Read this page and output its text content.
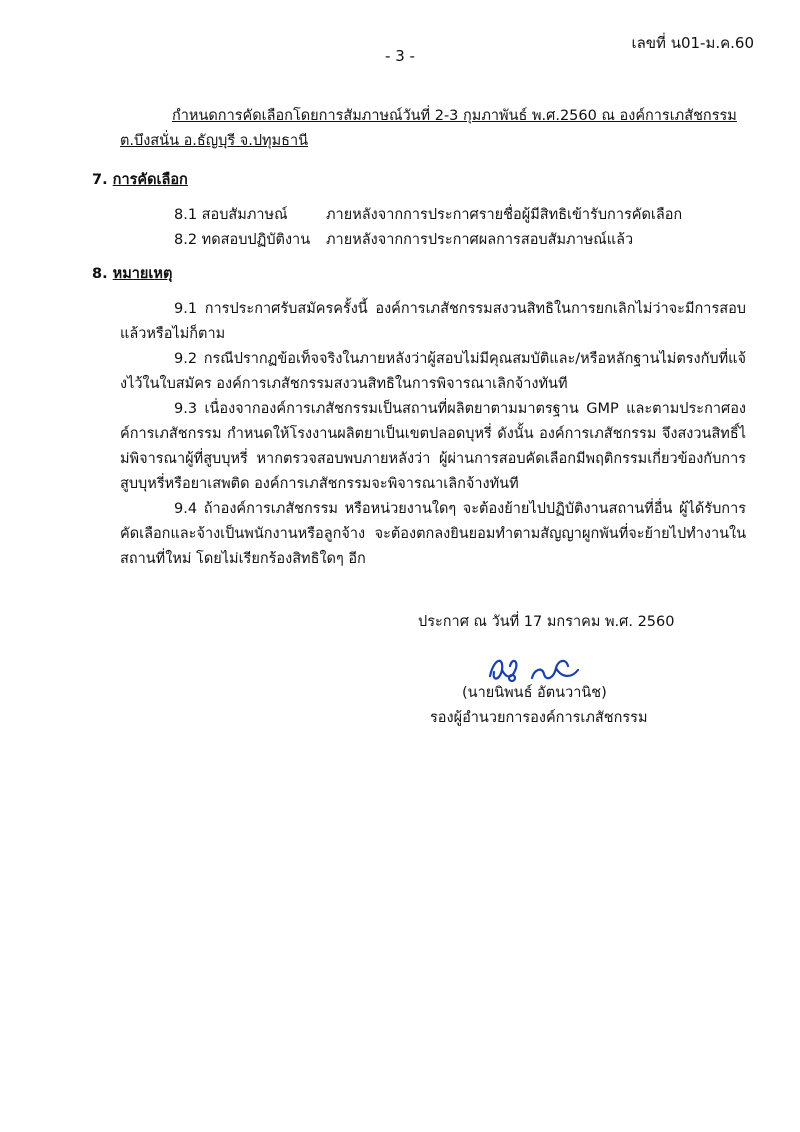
เลขที่ น01-ม.ค.60
- 3 -
กำหนดการคัดเลือกโดยการสัมภาษณ์วันที่ 2-3 กุมภาพันธ์ พ.ศ.2560 ณ องค์การเภสัชกรรม
ต.บึงสนั่น อ.ธัญบุรี จ.ปทุมธานี
7. การคัดเลือก
8.1 สอบสัมภาษณ์	ภายหลังจากการประกาศรายชื่อผู้มีสิทธิเข้ารับการคัดเลือก
8.2 ทดสอบปฏิบัติงาน ภายหลังจากการประกาศผลการสอบสัมภาษณ์แล้ว
8. หมายเหตุ
9.1 การประกาศรับสมัครครั้งนี้ องค์การเภสัชกรรมสงวนสิทธิในการยกเลิกไม่ว่าจะมีการสอบแล้วหรือไม่ก็ตาม
9.2 กรณีปรากฏข้อเท็จจริงในภายหลังว่าผู้สอบไม่มีคุณสมบัติและ/หรือหลักฐานไม่ตรงกับที่แจ้งไว้ในใบสมัคร องค์การเภสัชกรรมสงวนสิทธิในการพิจารณาเลิกจ้างทันที
9.3 เนื่องจากองค์การเภสัชกรรมเป็นสถานที่ผลิตยาตามมาตรฐาน GMP และตามประกาศองค์การเภสัชกรรม กำหนดให้โรงงานผลิตยาเป็นเขตปลอดบุหรี่ ดังนั้น องค์การเภสัชกรรม จึงสงวนสิทธิ์ไม่พิจารณาผู้ที่สูบบุหรี่ หากตรวจสอบพบภายหลังว่า ผู้ผ่านการสอบคัดเลือกมีพฤติกรรมเกี่ยวข้องกับการสูบบุหรี่หรือยาเสพติด องค์การเภสัชกรรมจะพิจารณาเลิกจ้างทันที
9.4 ถ้าองค์การเภสัชกรรม หรือหน่วยงานใดๆ จะต้องย้ายไปปฏิบัติงานสถานที่อื่น ผู้ได้รับการคัดเลือกและจ้างเป็นพนักงานหรือลูกจ้าง จะต้องตกลงยินยอมทำตามสัญญาผูกพันที่จะย้ายไปทำงานในสถานที่ใหม่ โดยไม่เรียกร้องสิทธิใดๆ อีก
ประกาศ ณ วันที่ 17 มกราคม พ.ศ. 2560
(นายนิพนธ์ อัตนวานิช)
รองผู้อำนวยการองค์การเภสัชกรรม
